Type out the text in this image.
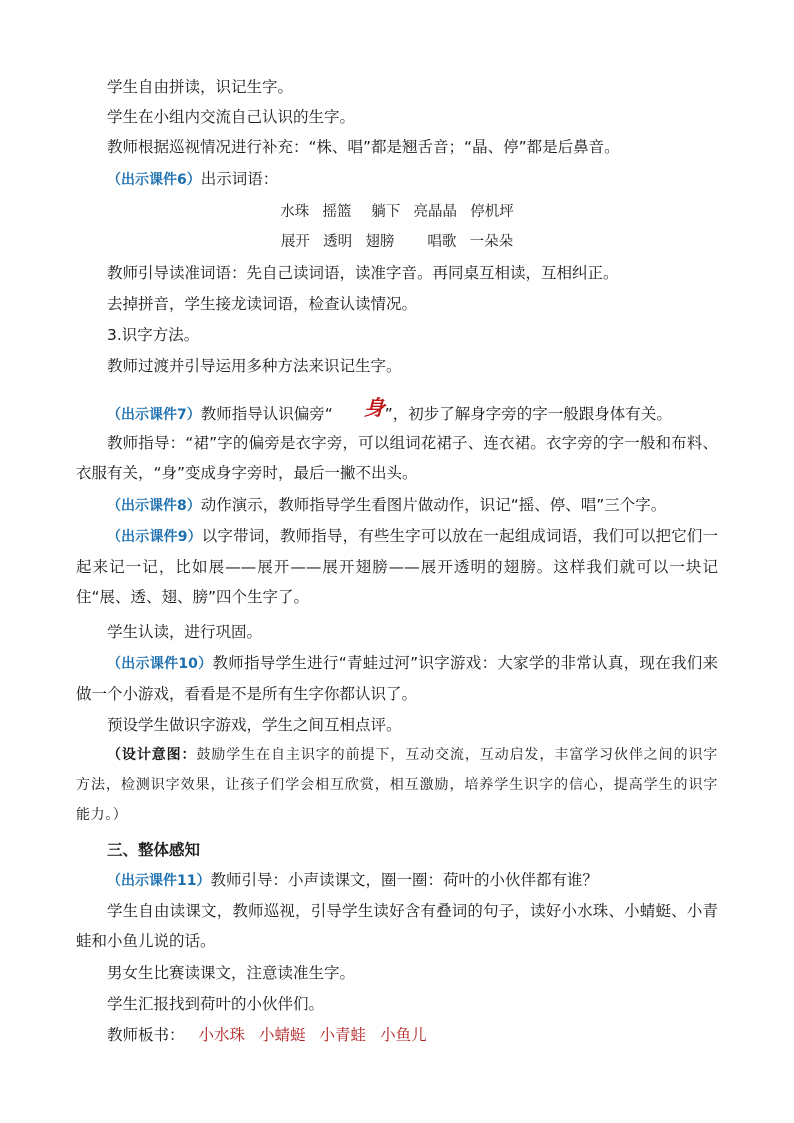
学生自由拼读，识记生字。
学生在小组内交流自己认识的生字。
教师根据巡视情况进行补充：“株、唱”都是翘舌音；“晶、停”都是后鼻音。
（出示课件6）出示词语：
水珠  摇篮   躺下  亮晶晶  停机坪
展开  透明  翅膀     唱歌  一朵朵
教师引导读准词语：先自己读词语，读准字音。再同桌互相读，互相纠正。
去掉拼音，学生接龙读词语，检查认读情况。
3.识字方法。
教师过渡并引导运用多种方法来识记生字。
（出示课件7）教师指导认识偏旁“ 身”，初步了解身字旁的字一般跟身体有关。
教师指导：“裙”字的偏旁是衣字旁，可以组词花裙子、连衣裙。衣字旁的字一般和布料、衣服有关，“身”变成身字旁时，最后一撇不出头。
（出示课件8）动作演示，教师指导学生看图片做动作，识记“摇、停、唱”三个字。
（出示课件9）以字带词，教师指导，有些生字可以放在一起组成词语，我们可以把它们一起来记一记，比如展——展开——展开翅膀——展开透明的翅膀。这样我们就可以一块记住“展、透、翅、膀”四个生字了。
学生认读，进行巩固。
（出示课件10）教师指导学生进行“青蛙过河”识字游戏：大家学的非常认真，现在我们来做一个小游戏，看看是不是所有生字你都认识了。
预设学生做识字游戏，学生之间互相点评。
（设计意图：鼓励学生在自主识字的前提下，互动交流，互动启发，丰富学习伙伴之间的识字方法，检测识字效果，让孩子们学会相互欣赏，相互激励，培养学生识字的信心，提高学生的识字能力。）
三、整体感知
（出示课件11）教师引导：小声读课文，圈一圈：荷叶的小伙伴都有谁？
学生自由读课文，教师巡视，引导学生读好含有叠词的句子，读好小水珠、小蜻蜓、小青蛙和小鱼儿说的话。
男女生比赛读课文，注意读准生字。
学生汇报找到荷叶的小伙伴们。
教师板书： 小水珠 小蜻蜓 小青蛙 小鱼儿
